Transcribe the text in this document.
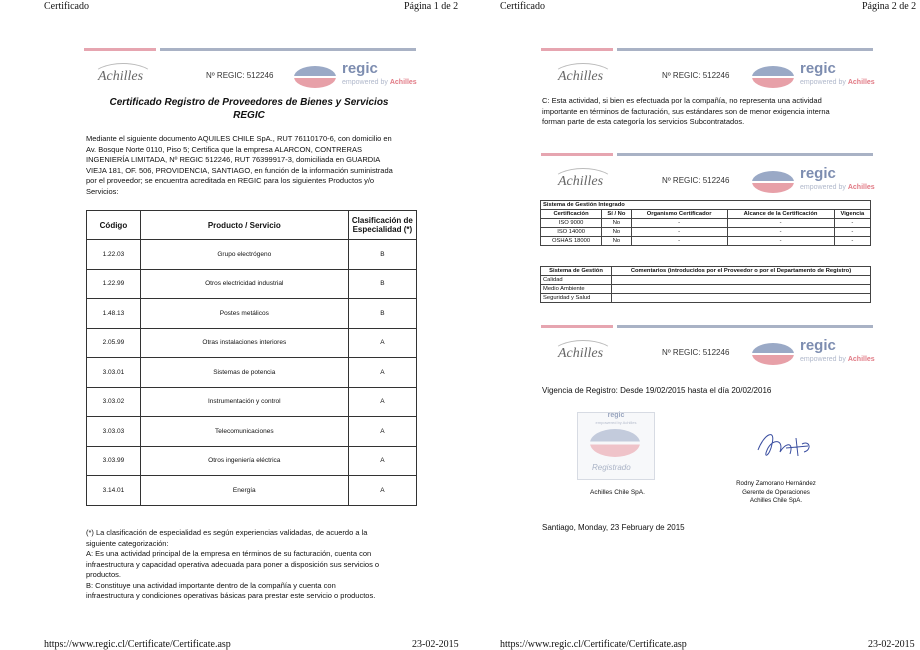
Certificado	Página 1 de 2
Achilles	Nº REGIC: 512246	regic
empowered by Achilles
Certificado Registro de Proveedores de Bienes y Servicios
REGIC
Mediante el siguiente documento AQUILES CHILE SpA., RUT 76110170-6, con domicilio en
Av. Bosque Norte 0110, Piso 5; Certifica que la empresa ALARCON, CONTRERAS
INGENIERÍA LIMITADA, Nº REGIC 512246, RUT 76399917-3, domiciliada en GUARDIA
VIEJA 181, OF. 506, PROVIDENCIA, SANTIAGO, en función de la información suministrada
por el proveedor; se encuentra acreditada en REGIC para los siguientes Productos y/o
Servicios:
Código	Producto / Servicio	Clasificación de Especialidad (*)
1.22.03	Grupo electrógeno	B
1.22.99	Otros electricidad industrial	B
1.48.13	Postes metálicos	B
2.05.99	Otras instalaciones interiores	A
3.03.01	Sistemas de potencia	A
3.03.02	Instrumentación y control	A
3.03.03	Telecomunicaciones	A
3.03.99	Otros ingeniería eléctrica	A
3.14.01	Energía	A
(*) La clasificación de especialidad es según experiencias validadas, de acuerdo a la
siguiente categorización:
A: Es una actividad principal de la empresa en términos de su facturación, cuenta con
infraestructura y capacidad operativa adecuada para poner a disposición sus servicios o
productos.
B: Constituye una actividad importante dentro de la compañía y cuenta con
infraestructura y condiciones operativas básicas para prestar este servicio o productos.
https://www.regic.cl/Certificate/Certificate.asp	23-02-2015
Certificado	Página 2 de 2
Achilles	Nº REGIC: 512246	regic
empowered by Achilles
C: Esta actividad, si bien es efectuada por la compañía, no representa una actividad
importante en términos de facturación, sus estándares son de menor exigencia interna
forman parte de esta categoría los servicios Subcontratados.
Achilles	Nº REGIC: 512246	regic
empowered by Achilles
Sistema de Gestión Integrado				
Certificación	Sí / No	Organismo Certificador	Alcance de la Certificación	Vigencia
ISO 9000	No	-	-	-
ISO 14000	No	-	-	-
OSHAS 18000	No	-	-	-
Sistema de Gestión	Comentarios (introducidos por el Proveedor o por el Departamento de Registro)
Calidad	
Medio Ambiente	
Seguridad y Salud	
Achilles	Nº REGIC: 512246	regic
empowered by Achilles
Vigencia de Registro: Desde 19/02/2015 hasta el día 20/02/2016
regic
empowered by Achilles
Registrado
Achilles Chile SpA.
Rodny Zamorano Hernández
Gerente de Operaciones
Achilles Chile SpA.
Santiago, Monday, 23 February de 2015
https://www.regic.cl/Certificate/Certificate.asp	23-02-2015
